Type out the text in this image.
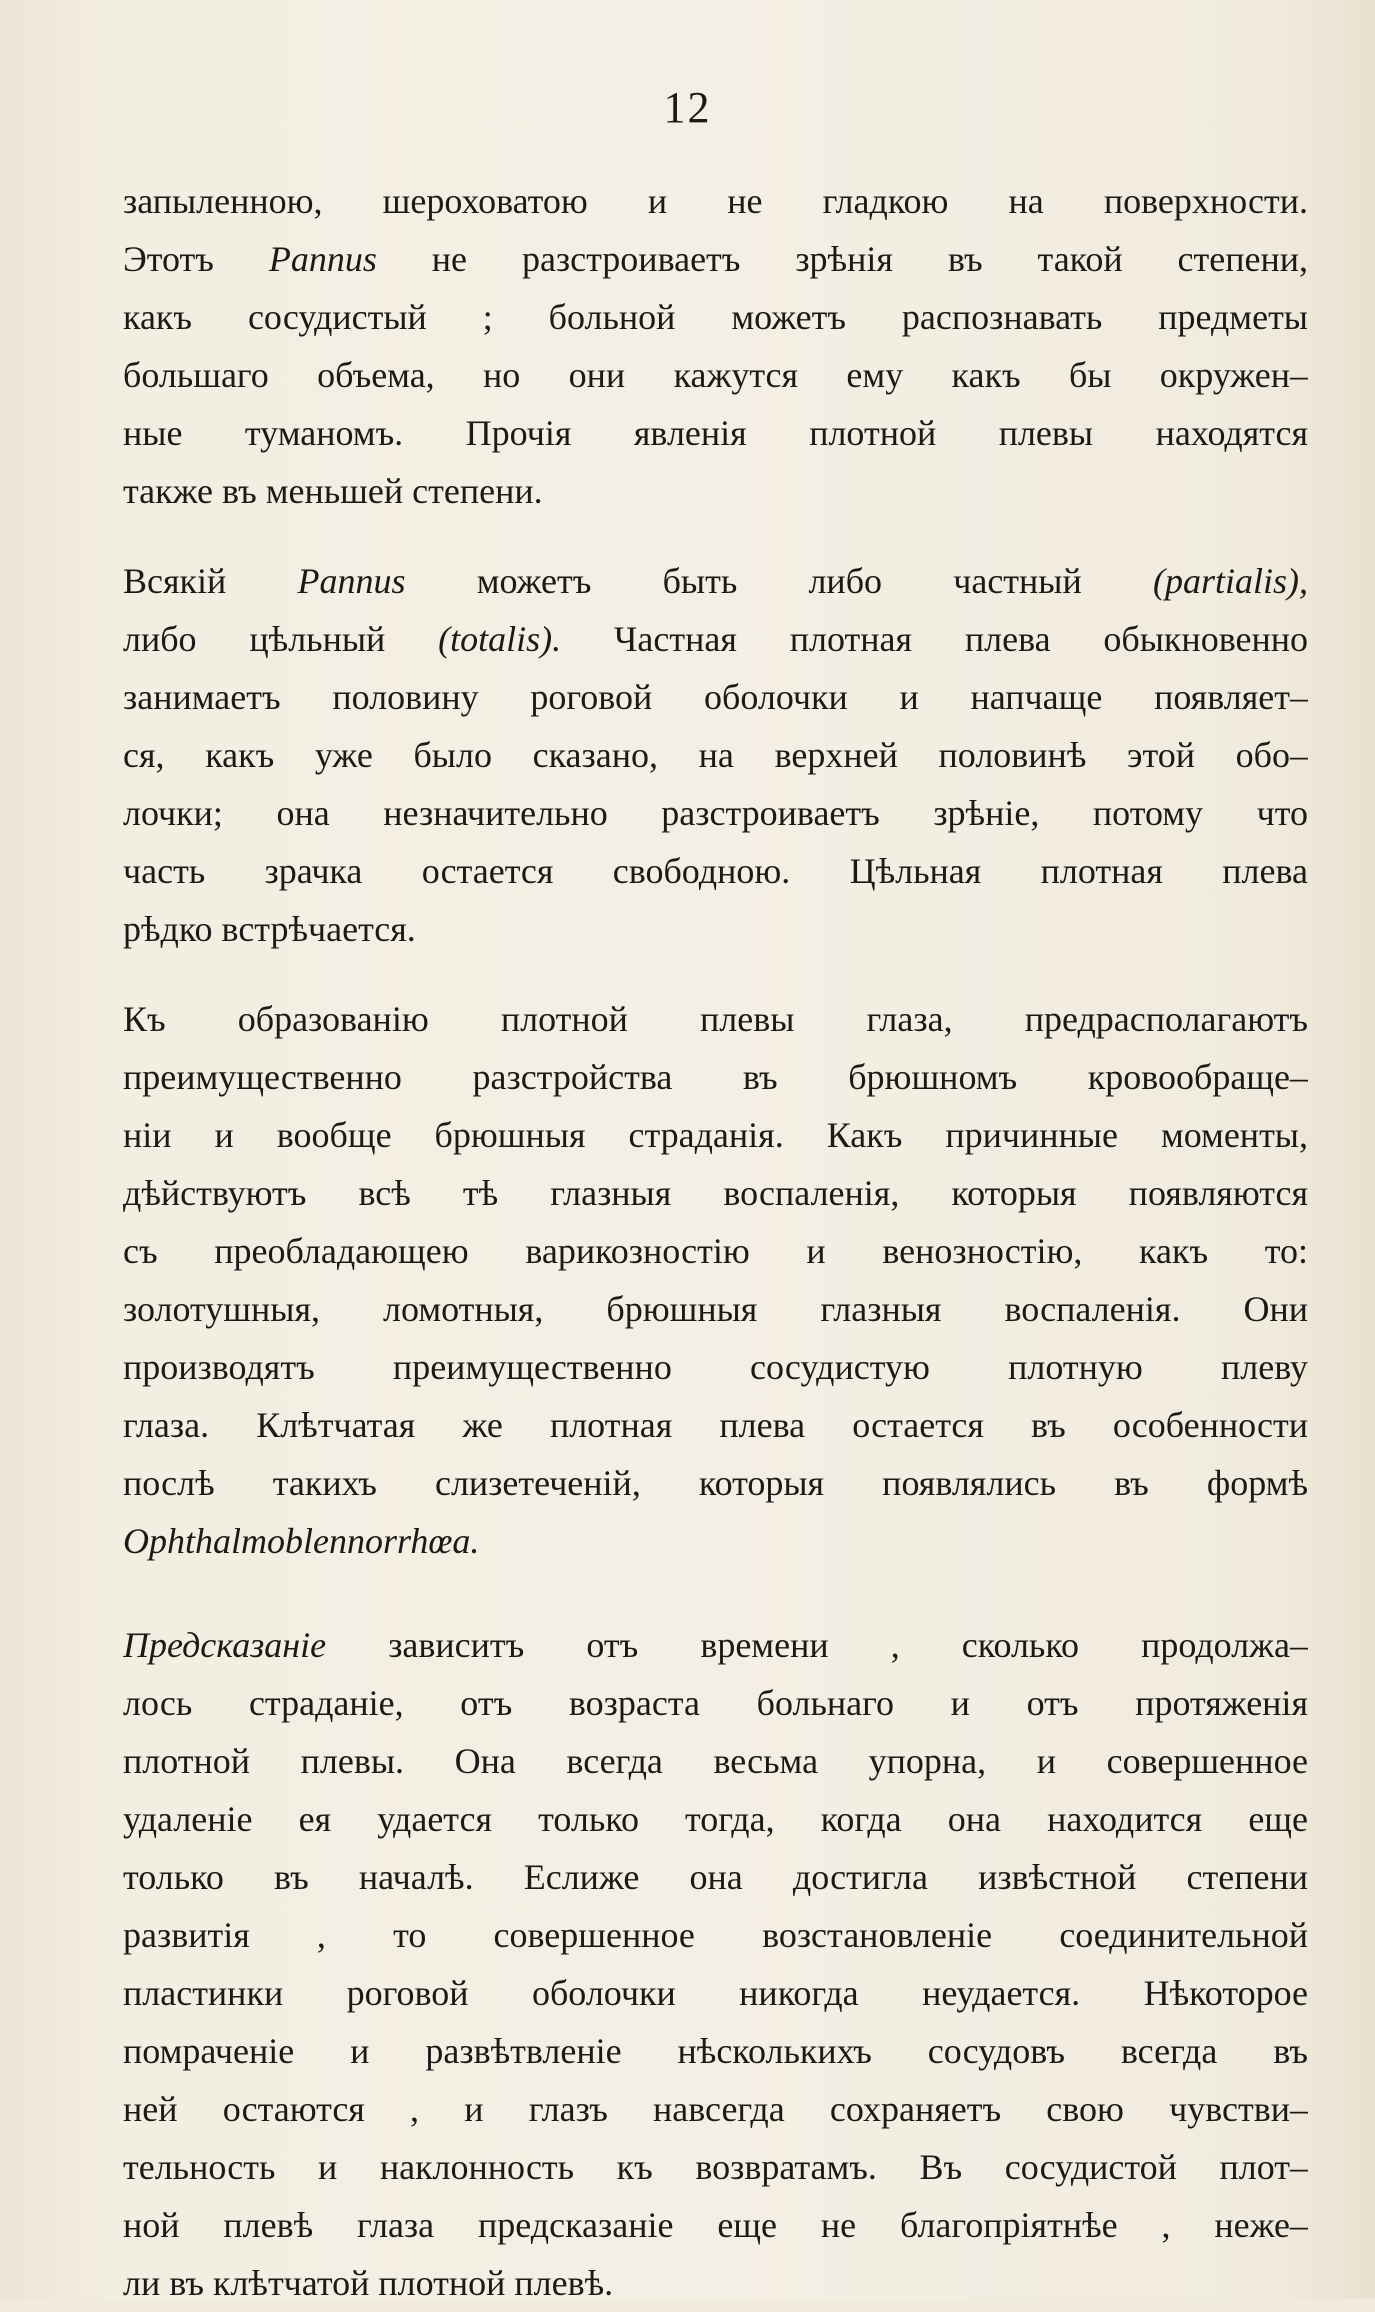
12
запыленною, шероховатою и не гладкою на поверхности.
Этотъ Pannus не разстроиваетъ зрѣнія въ такой степени,
какъ сосудистый ; больной можетъ распознавать предметы
большаго объема, но они кажутся ему какъ бы окружен–
ные туманомъ. Прочія явленія плотной плевы находятся
также въ меньшей степени.
Всякій Pannus можетъ быть либо частный (partialis),
либо цѣльный (totalis). Частная плотная плева обыкновенно
занимаетъ половину роговой оболочки и напчаще появляет–
ся, какъ уже было сказано, на верхней половинѣ этой обо–
лочки; она незначительно разстроиваетъ зрѣніе, потому что
часть зрачка остается свободною. Цѣльная плотная плева
рѣдко встрѣчается.
Къ образованію плотной плевы глаза, предрасполагаютъ
преимущественно разстройства въ брюшномъ кровообраще–
ніи и вообще брюшныя страданія. Какъ причинные моменты,
дѣйствуютъ всѣ тѣ глазныя воспаленія, которыя появляются
съ преобладающею варикозностію и венозностію, какъ то:
золотушныя, ломотныя, брюшныя глазныя воспаленія. Они
производятъ преимущественно сосудистую плотную плеву
глаза. Клѣтчатая же плотная плева остается въ особенности
послѣ такихъ слизетеченій, которыя появлялись въ формѣ
Ophthalmoblennorrhœa.
Предсказаніе зависитъ отъ времени , сколько продолжа–
лось страданіе, отъ возраста больнаго и отъ протяженія
плотной плевы. Она всегда весьма упорна, и совершенное
удаленіе ея удается только тогда, когда она находится еще
только въ началѣ. Еслиже она достигла извѣстной степени
развитія , то совершенное возстановленіе соединительной
пластинки роговой оболочки никогда неудается. Нѣкоторое
помраченіе и развѣтвленіе нѣсколькихъ сосудовъ всегда въ
ней остаются , и глазъ навсегда сохраняетъ свою чувстви–
тельность и наклонность къ возвратамъ. Въ сосудистой плот–
ной плевѣ глаза предсказаніе еще не благопріятнѣе , неже–
ли въ клѣтчатой плотной плевѣ.
